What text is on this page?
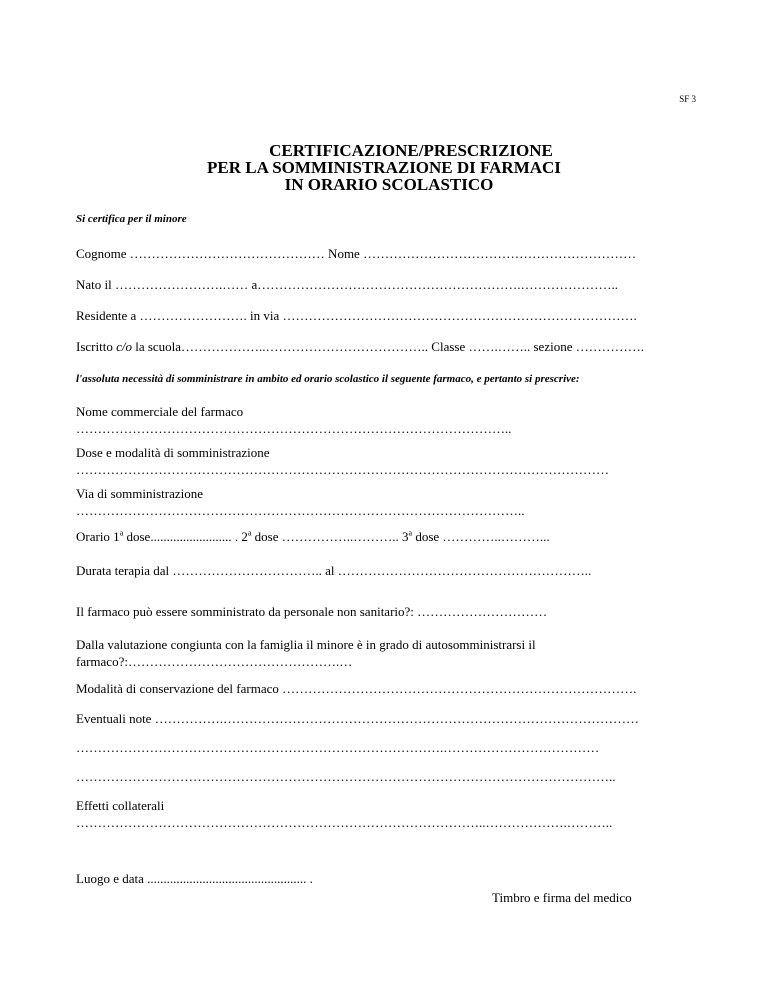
SF 3
CERTIFICAZIONE/PRESCRIZIONE
PER LA SOMMINISTRAZIONE DI FARMACI
IN ORARIO SCOLASTICO
Si certifica per il minore
Cognome ……………………………………… Nome ………………………………………………………
Nato il …………………….…… a…………………………………………………….…………………..
Residente a ……………………. in via ……………………………………………………………………….
Iscritto c/o la scuola………………..……………………………….. Classe …….…….. sezione …………….
l'assoluta necessità di somministrare in ambito ed orario scolastico il seguente farmaco, e pertanto si prescrive:
Nome commerciale del farmaco
………………………………………………………………………………………..
Dose e modalità di somministrazione
……………………………………………………………………………………………………………
Via di somministrazione
…………………………………………………………………………………………..
Orario 1$^a$ dose......................... . 2$^a$ dose ……………..……….. 3$^a$ dose …………..………...
Durata terapia dal …………………………….. al …………………………………………………..
Il farmaco può essere somministrato da personale non sanitario?: …………………………
Dalla valutazione congiunta con la famiglia il minore è in grado di autosomministrarsi il
farmaco?:………………………………………….…
Modalità di conservazione del farmaco ……………………………………………………………………….
Eventuali note …………….……………………………………………………………………………………
………………………………………………………………………….………………………………
……………………………………………………………………………………………………………..
Effetti collaterali
…………………………………………………………………………………..……………….………..
Luogo e data ................................................. .
Timbro e firma del medico
